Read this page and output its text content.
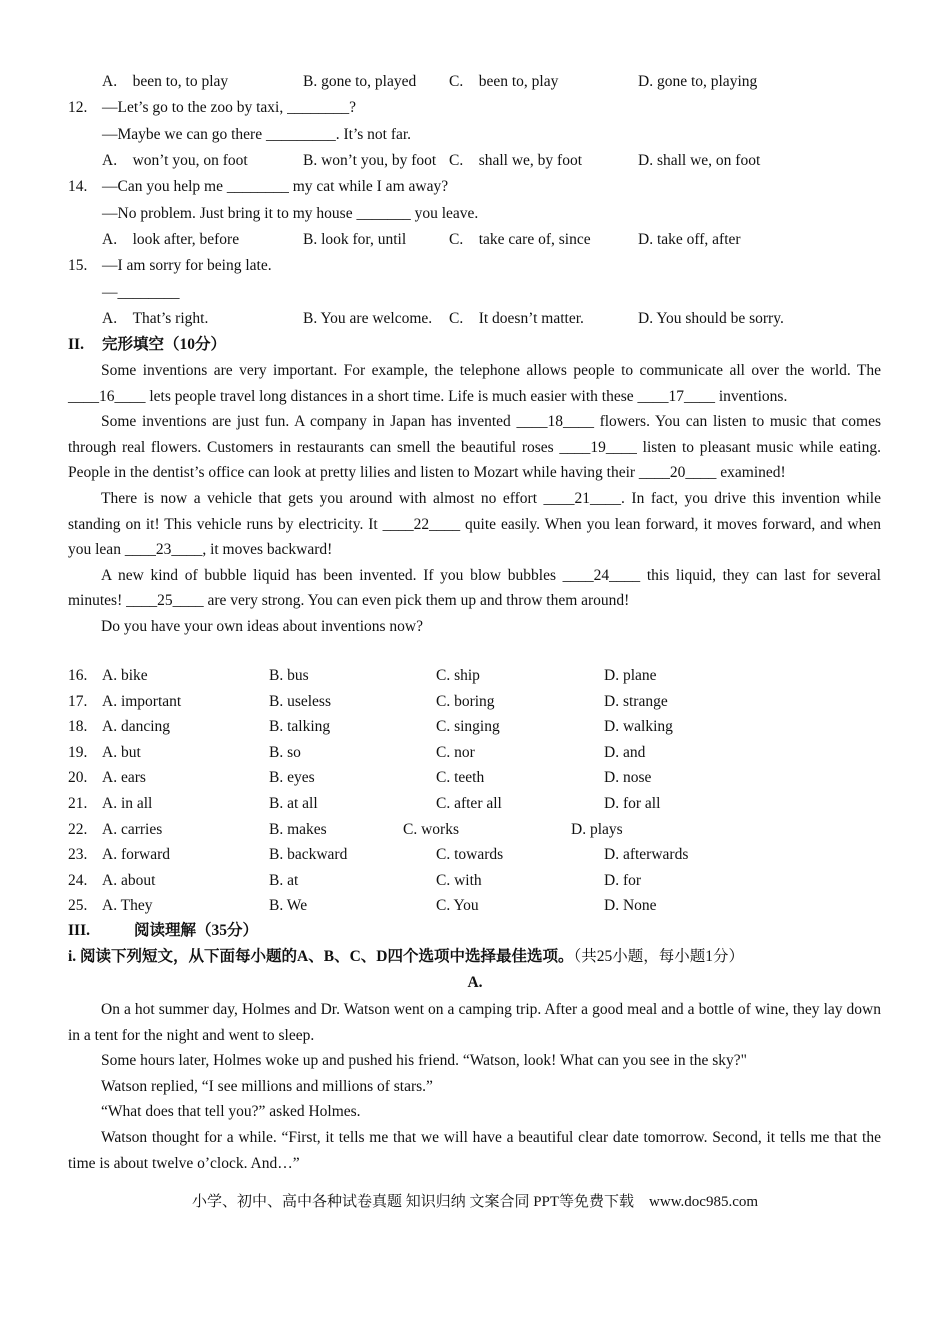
A.　been to, to play	B. gone to, played C.　been to, play	D. gone to, playing
12. —Let’s go to the zoo by taxi, ________?
—Maybe we can go there _________. It’s not far.
A.　won’t you, on foot	B. won’t you, by foot C.　shall we, by foot	D. shall we, on foot
14. —Can you help me ________ my cat while I am away?
—No problem. Just bring it to my house _______ you leave.
A.　look after, before	B. look for, until	C.　take care of, since	D. take off, after
15. —I am sorry for being late.
—________
A.　That’s right.	B. You are welcome. C.　It doesn’t matter.	D. You should be sorry.
II. 完形填空（10分）

Some inventions are very important. For example, the telephone allows people to communicate all over the world. The ____16____ lets people travel long distances in a short time. Life is much easier with these ____17____ inventions.

Some inventions are just fun. A company in Japan has invented ____18____ flowers. You can listen to music that comes through real flowers. Customers in restaurants can smell the beautiful roses ____19____ listen to pleasant music while eating. People in the dentist’s office can look at pretty lilies and listen to Mozart while having their ____20____ examined!

There is now a vehicle that gets you around with almost no effort ____21____. In fact, you drive this invention while standing on it! This vehicle runs by electricity. It ____22____ quite easily. When you lean forward, it moves forward, and when you lean ____23____, it moves backward!

A new kind of bubble liquid has been invented. If you blow bubbles ____24____ this liquid, they can last for several minutes! ____25____ are very strong. You can even pick them up and throw them around!

Do you have your own ideas about inventions now?

16. A. bike	B. bus	C. ship	D. plane
17. A. important	B. useless	C. boring	D. strange
18. A. dancing	B. talking	C. singing	D. walking
19. A. but	B. so	C. nor	D. and
20. A. ears	B. eyes	C. teeth	D. nose
21. A. in all	B. at all	C. after all	D. for all
22. A. carries	B. makes	C. works	D. plays
23. A. forward	B. backward	C. towards	D. afterwards
24. A. about	B. at	C. with	D. for
25. A. They	B. We	C. You	D. None
III.	阅读理解（35分）
i. 阅读下列短文，从下面每小题的A、B、C、D四个选项中选择最佳选项。（共25小题，每小题1分）
A.

On a hot summer day, Holmes and Dr. Watson went on a camping trip. After a good meal and a bottle of wine, they lay down in a tent for the night and went to sleep.

Some hours later, Holmes woke up and pushed his friend. “Watson, look! What can you see in the sky?"

Watson replied, “I see millions and millions of stars.”

“What does that tell you?” asked Holmes.

Watson thought for a while. “First, it tells me that we will have a beautiful clear date tomorrow. Second, it tells me that the time is about twelve o’clock. And…”

小学、初中、高中各种试卷真题 知识归纳 文案合同 PPT等免费下载　www.doc985.com
